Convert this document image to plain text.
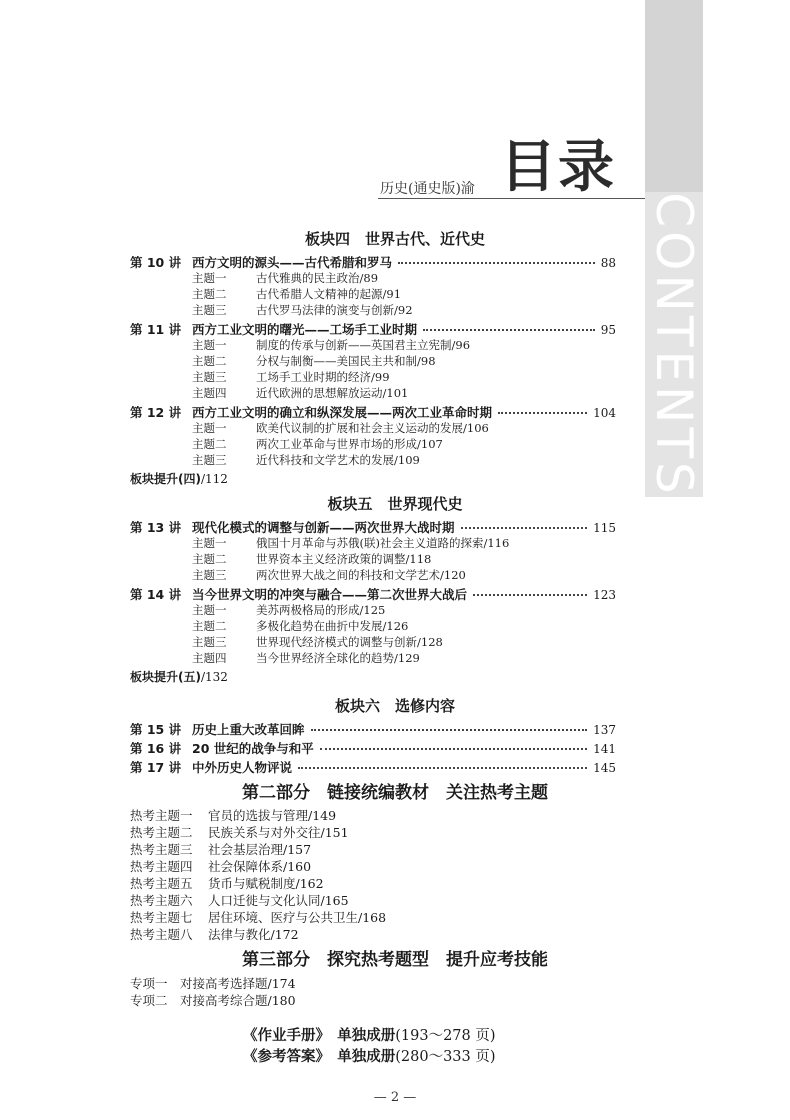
CONTENTS
目录
历史(通史版)渝
板块四　世界古代、近代史
第 10 讲 西方文明的源头——古代希腊和罗马	88
主题一	古代雅典的民主政治/89
主题二	古代希腊人文精神的起源/91
主题三	古代罗马法律的演变与创新/92
第 11 讲 西方工业文明的曙光——工场手工业时期	95
主题一	制度的传承与创新——英国君主立宪制/96
主题二	分权与制衡——美国民主共和制/98
主题三	工场手工业时期的经济/99
主题四	近代欧洲的思想解放运动/101
第 12 讲 西方工业文明的确立和纵深发展——两次工业革命时期	104
主题一	欧美代议制的扩展和社会主义运动的发展/106
主题二	两次工业革命与世界市场的形成/107
主题三	近代科技和文学艺术的发展/109
板块提升(四)/112
板块五　世界现代史
第 13 讲 现代化模式的调整与创新——两次世界大战时期	115
主题一	俄国十月革命与苏俄(联)社会主义道路的探索/116
主题二	世界资本主义经济政策的调整/118
主题三	两次世界大战之间的科技和文学艺术/120
第 14 讲 当今世界文明的冲突与融合——第二次世界大战后	123
主题一	美苏两极格局的形成/125
主题二	多极化趋势在曲折中发展/126
主题三	世界现代经济模式的调整与创新/128
主题四	当今世界经济全球化的趋势/129
板块提升(五)/132
板块六　选修内容
第 15 讲 历史上重大改革回眸	137
第 16 讲 20 世纪的战争与和平	141
第 17 讲 中外历史人物评说	145
第二部分　链接统编教材　关注热考主题
热考主题一 官员的选拔与管理/149
热考主题二 民族关系与对外交往/151
热考主题三 社会基层治理/157
热考主题四 社会保障体系/160
热考主题五 货币与赋税制度/162
热考主题六 人口迁徙与文化认同/165
热考主题七 居住环境、医疗与公共卫生/168
热考主题八 法律与教化/172
第三部分　探究热考题型　提升应考技能
专项一　对接高考选择题/174
专项二　对接高考综合题/180
《作业手册》　单独成册(193～278 页)
《参考答案》　单独成册(280～333 页)
— 2 —
